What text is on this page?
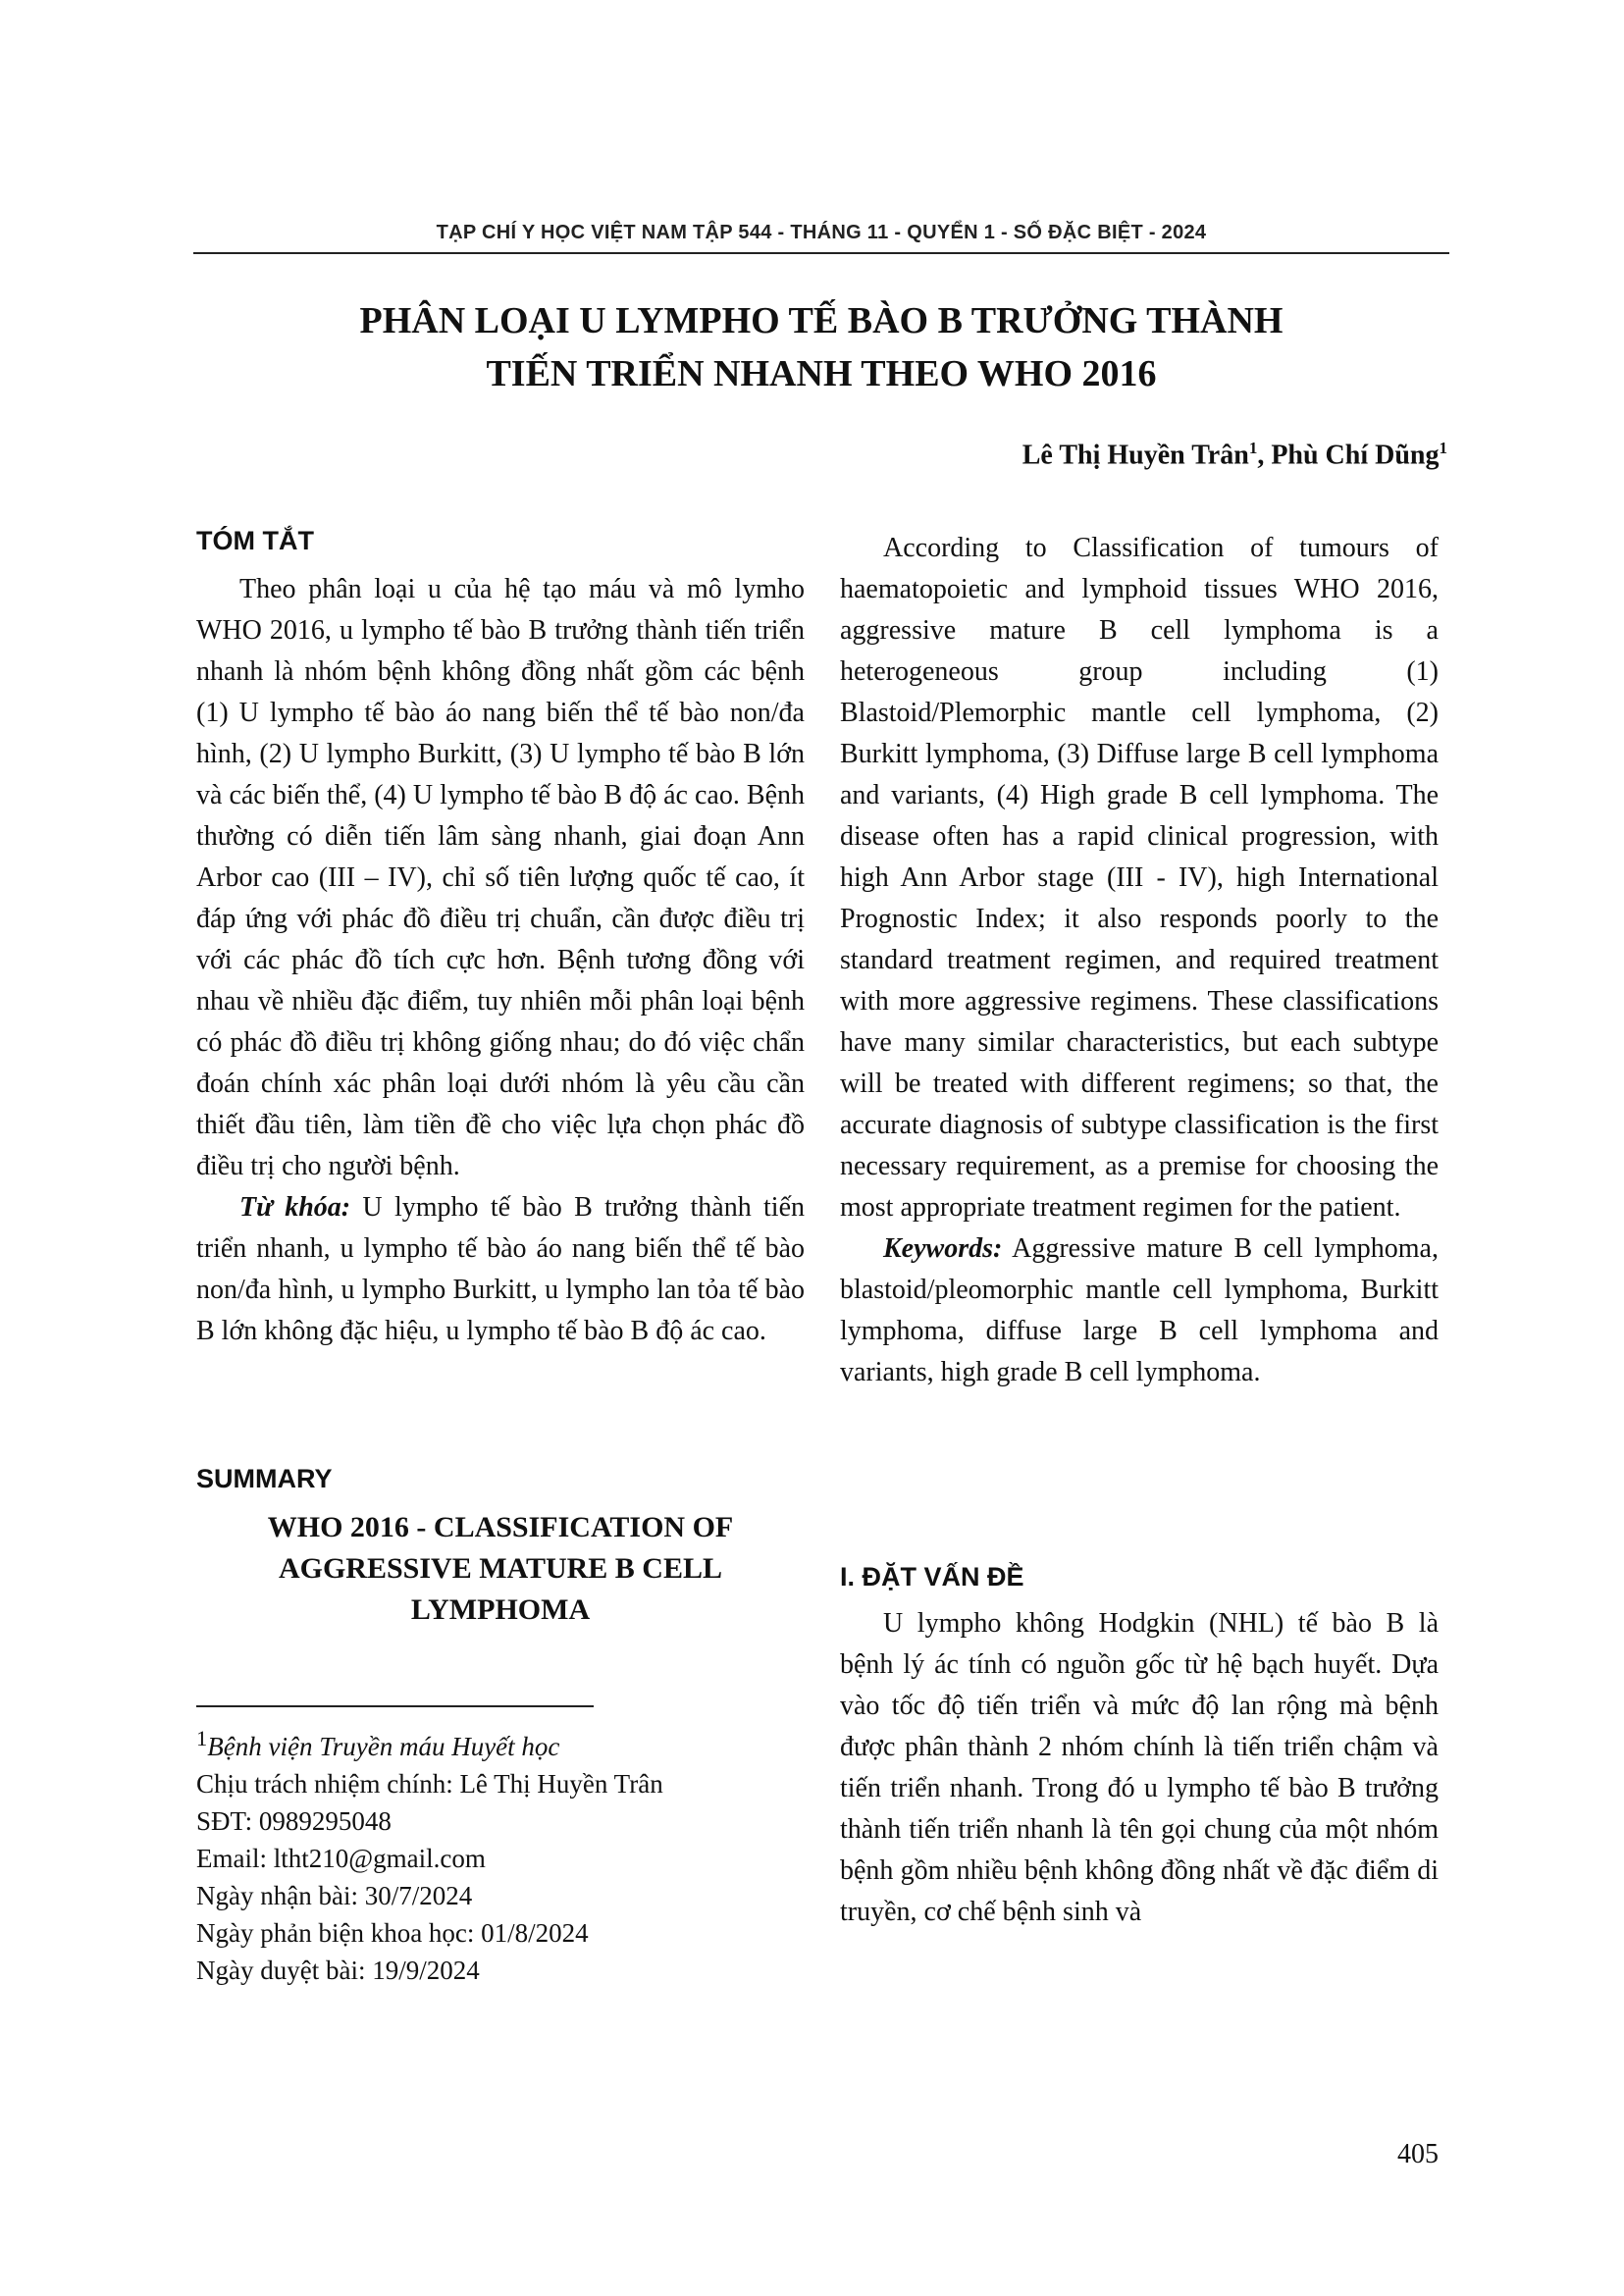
TẠP CHÍ Y HỌC VIỆT NAM TẬP 544 - THÁNG 11 - QUYỂN 1 - SỐ ĐẶC BIỆT - 2024
PHÂN LOẠI U LYMPHO TẾ BÀO B TRƯỞNG THÀNH
TIẾN TRIỂN NHANH THEO WHO 2016
Lê Thị Huyền Trân$^1$, Phù Chí Dũng$^1$
TÓM TẮT

Theo phân loại u của hệ tạo máu và mô lymho WHO 2016, u lympho tế bào B trưởng thành tiến triển nhanh là nhóm bệnh không đồng nhất gồm các bệnh (1) U lympho tế bào áo nang biến thể tế bào non/đa hình, (2) U lympho Burkitt, (3) U lympho tế bào B lớn và các biến thể, (4) U lympho tế bào B độ ác cao. Bệnh thường có diễn tiến lâm sàng nhanh, giai đoạn Ann Arbor cao (III – IV), chỉ số tiên lượng quốc tế cao, ít đáp ứng với phác đồ điều trị chuẩn, cần được điều trị với các phác đồ tích cực hơn. Bệnh tương đồng với nhau về nhiều đặc điểm, tuy nhiên mỗi phân loại bệnh có phác đồ điều trị không giống nhau; do đó việc chẩn đoán chính xác phân loại dưới nhóm là yêu cầu cần thiết đầu tiên, làm tiền đề cho việc lựa chọn phác đồ điều trị cho người bệnh.

Từ khóa: U lympho tế bào B trưởng thành tiến triển nhanh, u lympho tế bào áo nang biến thể tế bào non/đa hình, u lympho Burkitt, u lympho lan tỏa tế bào B lớn không đặc hiệu, u lympho tế bào B độ ác cao.

SUMMARY
WHO 2016 - CLASSIFICATION OF
AGGRESSIVE MATURE B CELL
LYMPHOMA
$^1$Bệnh viện Truyền máu Huyết học
Chịu trách nhiệm chính: Lê Thị Huyền Trân
SĐT: 0989295048
Email: ltht210@gmail.com
Ngày nhận bài: 30/7/2024
Ngày phản biện khoa học: 01/8/2024
Ngày duyệt bài: 19/9/2024

According to Classification of tumours of haematopoietic and lymphoid tissues WHO 2016, aggressive mature B cell lymphoma is a heterogeneous group including (1) Blastoid/Plemorphic mantle cell lymphoma, (2) Burkitt lymphoma, (3) Diffuse large B cell lymphoma and variants, (4) High grade B cell lymphoma. The disease often has a rapid clinical progression, with high Ann Arbor stage (III - IV), high International Prognostic Index; it also responds poorly to the standard treatment regimen, and required treatment with more aggressive regimens. These classifications have many similar characteristics, but each subtype will be treated with different regimens; so that, the accurate diagnosis of subtype classification is the first necessary requirement, as a premise for choosing the most appropriate treatment regimen for the patient.

Keywords: Aggressive mature B cell lymphoma, blastoid/pleomorphic mantle cell lymphoma, Burkitt lymphoma, diffuse large B cell lymphoma and variants, high grade B cell lymphoma.

I. ĐẶT VẤN ĐỀ

U lympho không Hodgkin (NHL) tế bào B là bệnh lý ác tính có nguồn gốc từ hệ bạch huyết. Dựa vào tốc độ tiến triển và mức độ lan rộng mà bệnh được phân thành 2 nhóm chính là tiến triển chậm và tiến triển nhanh. Trong đó u lympho tế bào B trưởng thành tiến triển nhanh là tên gọi chung của một nhóm bệnh gồm nhiều bệnh không đồng nhất về đặc điểm di truyền, cơ chế bệnh sinh và

405
